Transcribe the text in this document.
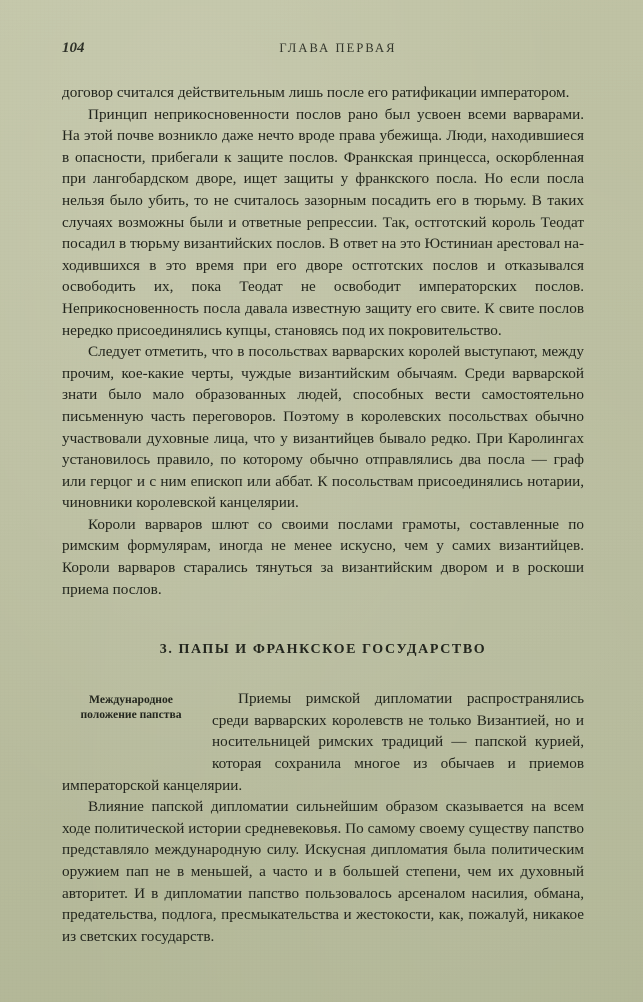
104	ГЛАВА ПЕРВАЯ

договор считался действительным лишь после его ратификации императором.

Принцип неприкосновенности послов рано был усвоен всеми варварами. На этой почве возникло даже нечто вроде права убежища. Люди, находившиеся в опасности, прибегали к защите послов. Франкская принцесса, оскорбленная при лангобардском дворе, ищет защиты у франкского посла. Но если посла нельзя было убить, то не считалось зазорным посадить его в тюрьму. В таких случаях возможны были и ответные репрессии. Так, остготский король Теодат посадил в тюрьму византийских послов. В ответ на это Юстиниан арестовал находившихся в это время при его дворе остготских послов и отказывался освободить их, пока Теодат не освободит императорских послов. Неприкосновенность посла давала известную защиту его свите. К свите послов нередко присоединялись купцы, становясь под их покровительство.

Следует отметить, что в посольствах варварских королей выступают, между прочим, кое-какие черты, чуждые византийским обычаям. Среди варварской знати было мало образованных людей, способных вести самостоятельно письменную часть переговоров. Поэтому в королевских посольствах обычно участвовали духовные лица, что у византийцев бывало редко. При Каролингах установилось правило, по которому обычно отправлялись два посла — граф или герцог и с ним епископ или аббат. К посольствам присоединялись нотарии, чиновники королевской канцелярии.

Короли варваров шлют со своими послами грамоты, составленные по римским формулярам, иногда не менее искусно, чем у самих византийцев. Короли варваров старались тянуться за византийским двором и в роскоши приема послов.

3. ПАПЫ И ФРАНКСКОЕ ГОСУДАРСТВО
Международное положение папства

Приемы римской дипломатии распространялись среди варварских королевств не только Византией, но и носительницей римских традиций — папской курией, которая сохранила многое из обычаев и приемов императорской канцелярии.

Влияние папской дипломатии сильнейшим образом сказывается на всем ходе политической истории средневековья. По самому своему существу папство представляло международную силу. Искусная дипломатия была политическим оружием пап не в меньшей, а часто и в большей степени, чем их духовный авторитет. И в дипломатии папство пользовалось арсеналом насилия, обмана, предательства, подлога, пресмыкательства и жестокости, как, пожалуй, никакое из светских государств.
